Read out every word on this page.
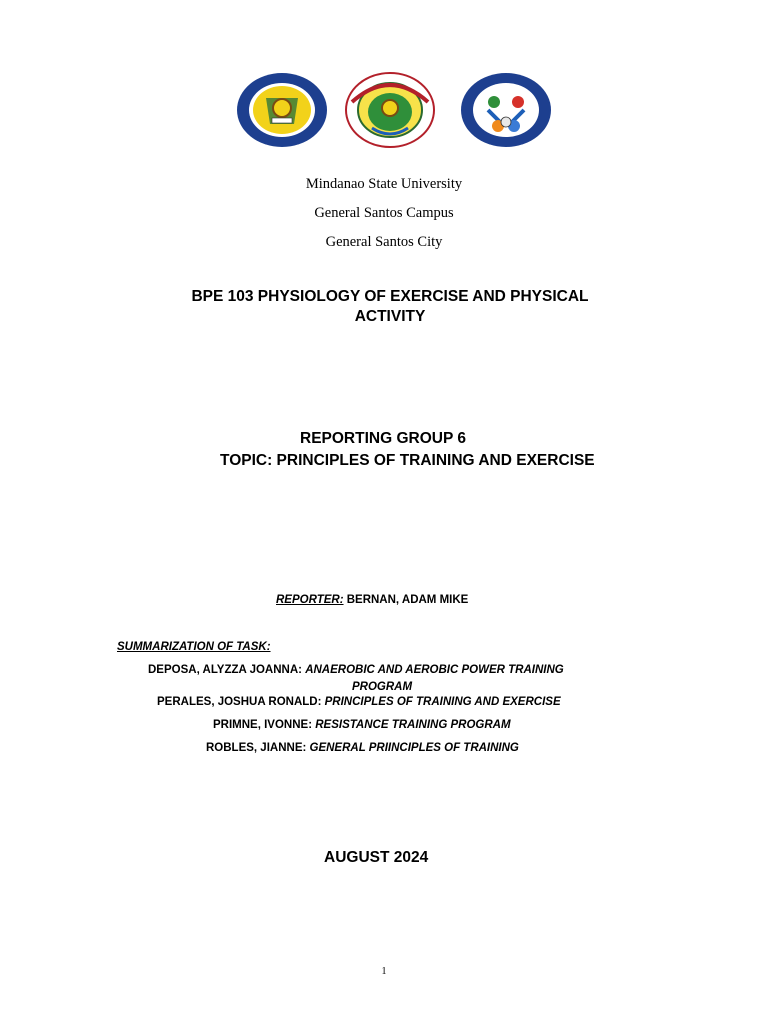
Mindanao State University
General Santos Campus
General Santos City
BPE 103 PHYSIOLOGY OF EXERCISE AND PHYSICAL
ACTIVITY
REPORTING GROUP 6
TOPIC: PRINCIPLES OF TRAINING AND EXERCISE
REPORTER: BERNAN, ADAM MIKE
SUMMARIZATION OF TASK:
DEPOSA, ALYZZA JOANNA: ANAEROBIC AND AEROBIC POWER TRAINING
PROGRAM
PERALES, JOSHUA RONALD: PRINCIPLES OF TRAINING AND EXERCISE
PRIMNE, IVONNE: RESISTANCE TRAINING PROGRAM
ROBLES, JIANNE: GENERAL PRIINCIPLES OF TRAINING
AUGUST 2024
1
